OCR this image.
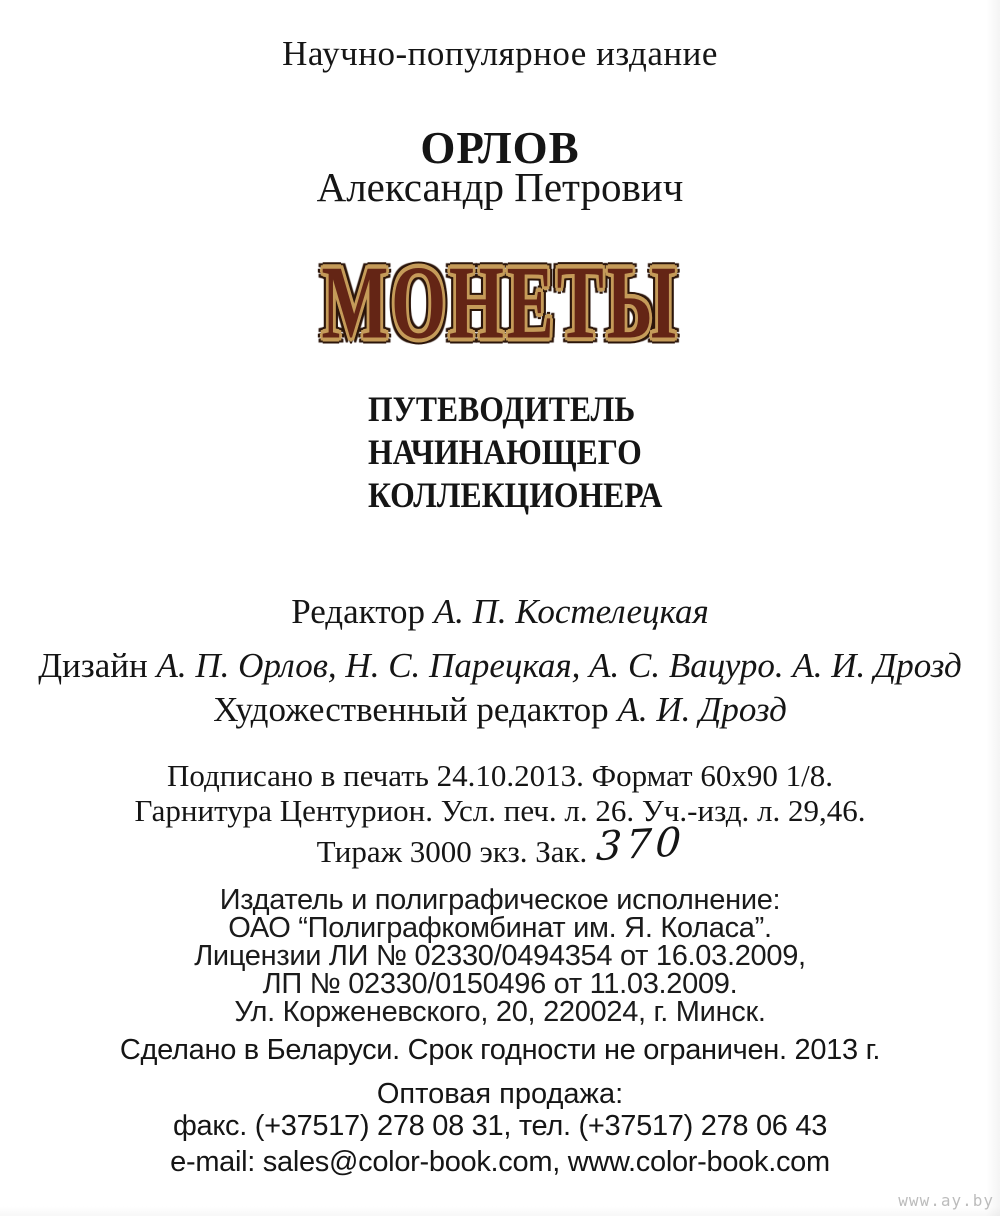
Научно-популярное издание
ОРЛОВ
Александр Петрович
МОНЕТЫ
ПУТЕВОДИТЕЛЬ
НАЧИНАЮЩЕГО
КОЛЛЕКЦИОНЕРА
Редактор А. П. Костелецкая
Дизайн А. П. Орлов, Н. С. Парецкая, А. С. Вацуро. А. И. Дрозд
Художественный редактор А. И. Дрозд
Подписано в печать 24.10.2013. Формат 60x90 1/8.
Гарнитура Центурион. Усл. печ. л. 26. Уч.-изд. л. 29,46.
Тираж 3000 экз. Зак. 370
Издатель и полиграфическое исполнение:
ОАО “Полиграфкомбинат им. Я. Коласа”.
Лицензии ЛИ № 02330/0494354 от 16.03.2009,
ЛП № 02330/0150496 от 11.03.2009.
Ул. Корженевского, 20, 220024, г. Минск.
Сделано в Беларуси. Срок годности не ограничен. 2013 г.
Оптовая продажа:
факс. (+37517) 278 08 31, тел. (+37517) 278 06 43
e-mail: sales@color-book.com, www.color-book.com
www.ay.by
